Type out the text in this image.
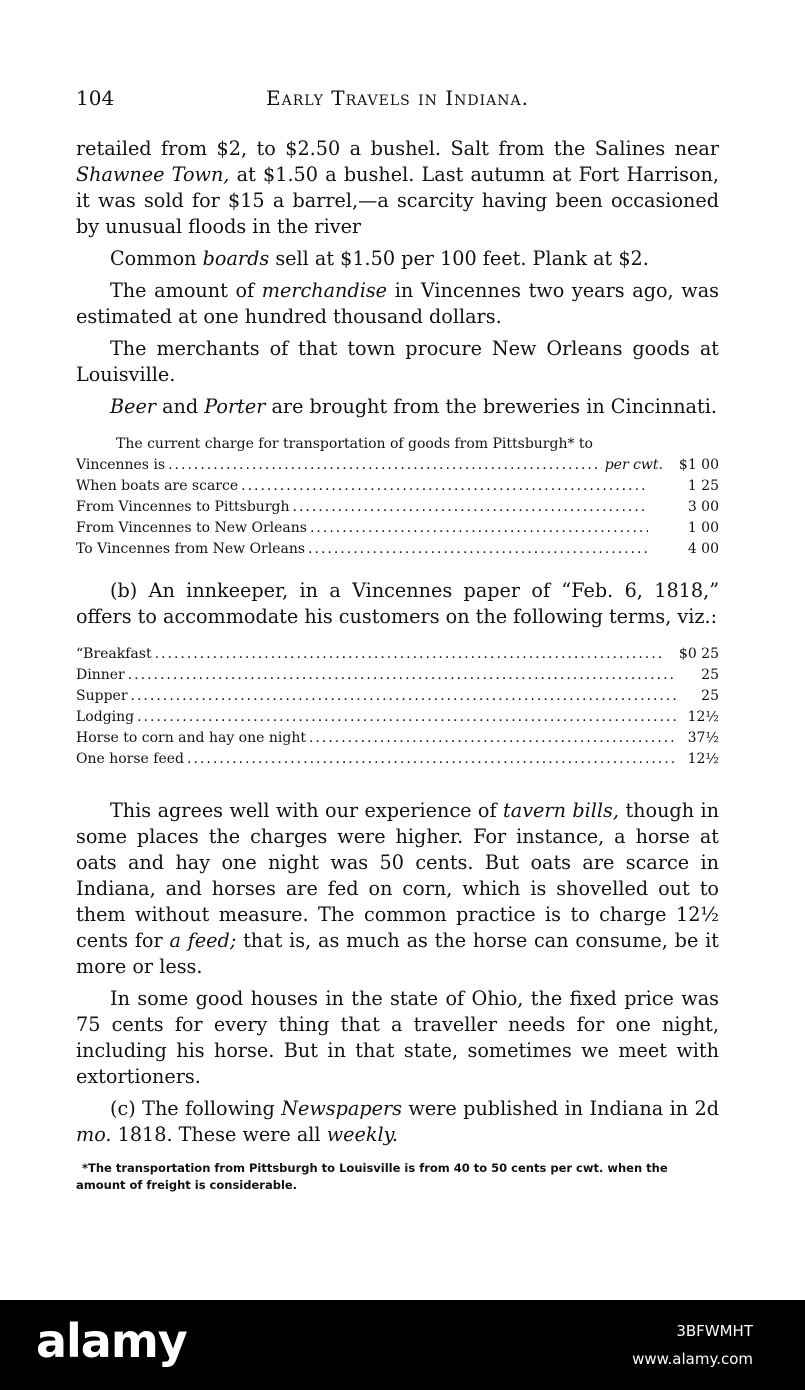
104	Early Travels in Indiana.

retailed from $2, to $2.50 a bushel. Salt from the Salines near Shawnee Town, at $1.50 a bushel. Last autumn at Fort Harrison, it was sold for $15 a barrel,—a scarcity having been occasioned by unusual floods in the river

Common boards sell at $1.50 per 100 feet. Plank at $2.

The amount of merchandise in Vincennes two years ago, was estimated at one hundred thousand dollars.

The merchants of that town procure New Orleans goods at Louisville.

Beer and Porter are brought from the breweries in Cincinnati.

The current charge for transportation of goods from Pittsburgh* to

Vincennes is .....	per cwt.	$1 00
When boats are scarce .....	1 25
From Vincennes to Pittsburgh .....	3 00
From Vincennes to New Orleans .....	1 00
To Vincennes from New Orleans .....	4 00

(b) An innkeeper, in a Vincennes paper of “Feb. 6, 1818,” offers to accommodate his customers on the following terms, viz.:

“Breakfast .....	$0 25
Dinner .....	25
Supper .....	25
Lodging .....	12½
Horse to corn and hay one night .....	37½
One horse feed .....	12½

This agrees well with our experience of tavern bills, though in some places the charges were higher. For instance, a horse at oats and hay one night was 50 cents. But oats are scarce in Indiana, and horses are fed on corn, which is shovelled out to them without measure. The common practice is to charge 12½ cents for a feed; that is, as much as the horse can consume, be it more or less.

In some good houses in the state of Ohio, the fixed price was 75 cents for every thing that a traveller needs for one night, including his horse. But in that state, sometimes we meet with extortioners.

(c) The following Newspapers were published in Indiana in 2d mo. 1818. These were all weekly.

*The transportation from Pittsburgh to Louisville is from 40 to 50 cents per cwt. when the amount of freight is considerable.

alamy	3BFWMHT
www.alamy.com
